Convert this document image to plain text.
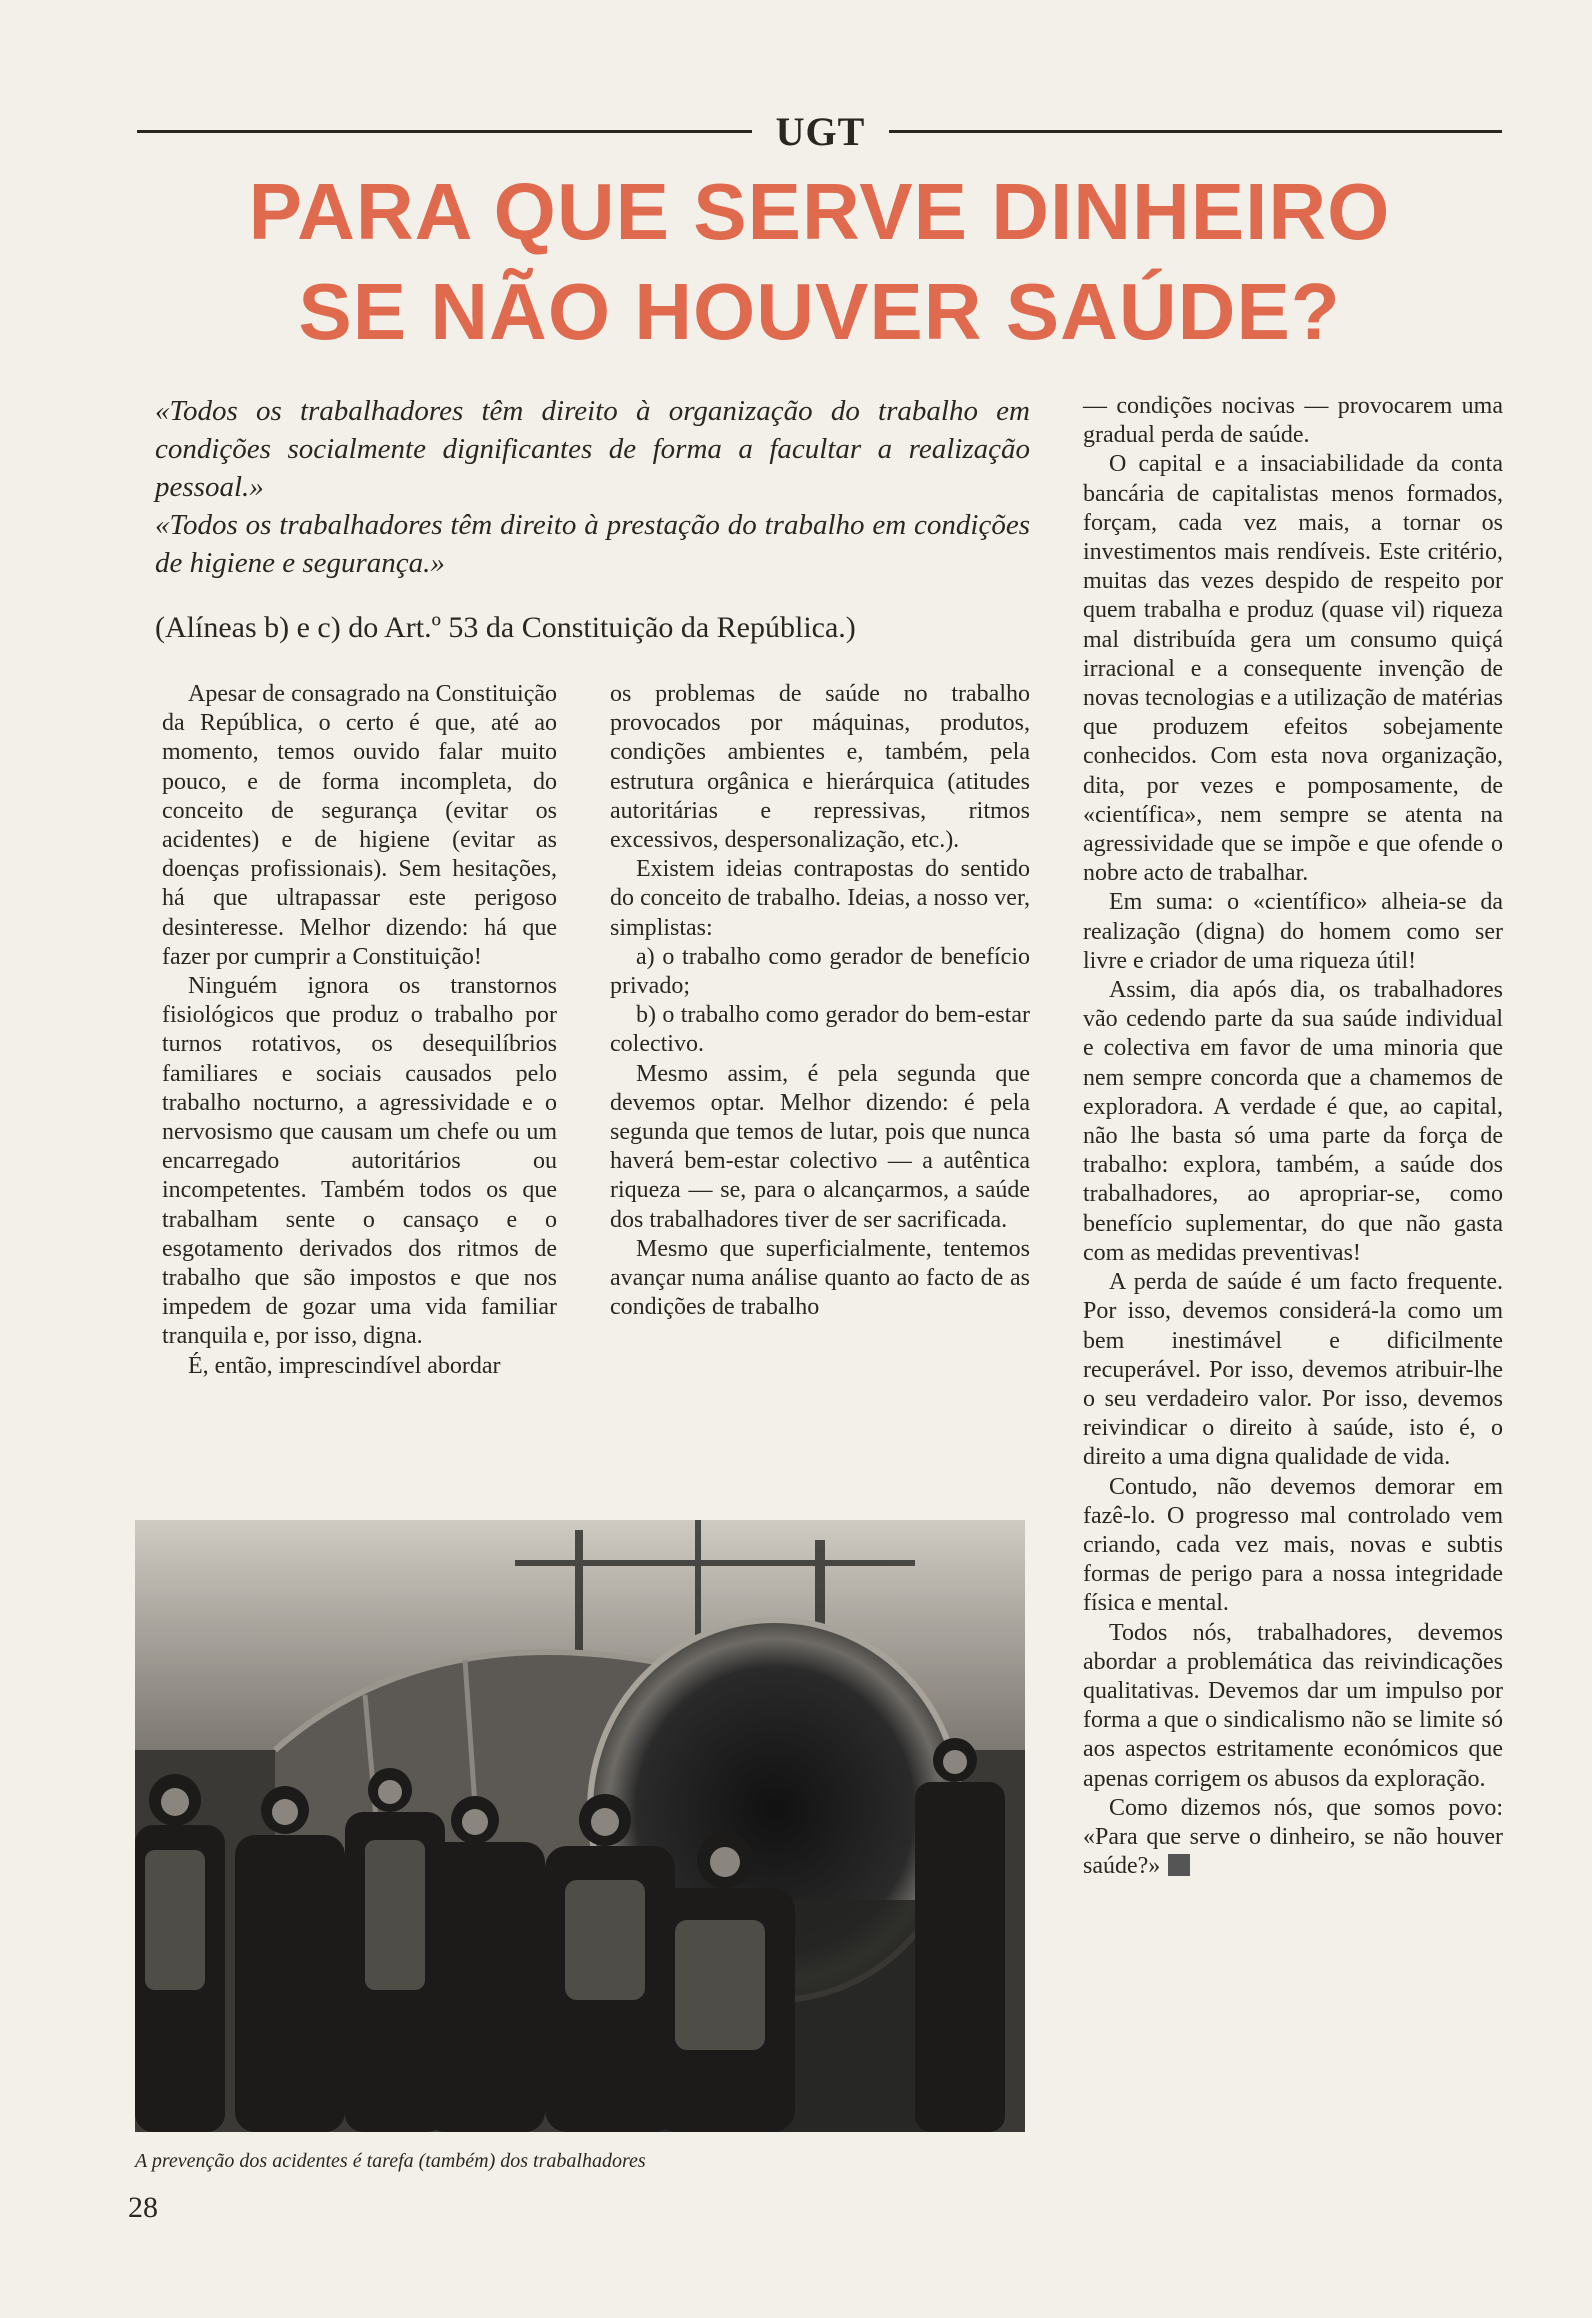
UGT
PARA QUE SERVE DINHEIRO
SE NÃO HOUVER SAÚDE?

«Todos os trabalhadores têm direito à organização do trabalho em condições socialmente dignificantes de forma a facultar a realização pessoal.»

«Todos os trabalhadores têm direito à prestação do trabalho em condições de higiene e segurança.»

(Alíneas b) e c) do Art.º 53 da Constituição da República.)

Apesar de consagrado na Constituição da República, o certo é que, até ao momento, temos ouvido falar muito pouco, e de forma incompleta, do conceito de segurança (evitar os acidentes) e de higiene (evitar as doenças profissionais). Sem hesitações, há que ultrapassar este perigoso desinteresse. Melhor dizendo: há que fazer por cumprir a Constituição!

Ninguém ignora os transtornos fisiológicos que produz o trabalho por turnos rotativos, os desequilíbrios familiares e sociais causados pelo trabalho nocturno, a agressividade e o nervosismo que causam um chefe ou um encarregado autoritários ou incompetentes. Também todos os que trabalham sente o cansaço e o esgotamento derivados dos ritmos de trabalho que são impostos e que nos impedem de gozar uma vida familiar tranquila e, por isso, digna.

É, então, imprescindível abordar

os problemas de saúde no trabalho provocados por máquinas, produtos, condições ambientes e, também, pela estrutura orgânica e hierárquica (atitudes autoritárias e repressivas, ritmos excessivos, despersonalização, etc.).

Existem ideias contrapostas do sentido do conceito de trabalho. Ideias, a nosso ver, simplistas:

a) o trabalho como gerador de benefício privado;

b) o trabalho como gerador do bem-estar colectivo.

Mesmo assim, é pela segunda que devemos optar. Melhor dizendo: é pela segunda que temos de lutar, pois que nunca haverá bem-estar colectivo — a autêntica riqueza — se, para o alcançarmos, a saúde dos trabalhadores tiver de ser sacrificada.

Mesmo que superficialmente, tentemos avançar numa análise quanto ao facto de as condições de trabalho

— condições nocivas — provocarem uma gradual perda de saúde.

O capital e a insaciabilidade da conta bancária de capitalistas menos formados, forçam, cada vez mais, a tornar os investimentos mais rendíveis. Este critério, muitas das vezes despido de respeito por quem trabalha e produz (quase vil) riqueza mal distribuída gera um consumo quiçá irracional e a consequente invenção de novas tecnologias e a utilização de matérias que produzem efeitos sobejamente conhecidos. Com esta nova organização, dita, por vezes e pomposamente, de «científica», nem sempre se atenta na agressividade que se impõe e que ofende o nobre acto de trabalhar.

Em suma: o «científico» alheia-se da realização (digna) do homem como ser livre e criador de uma riqueza útil!

Assim, dia após dia, os trabalhadores vão cedendo parte da sua saúde individual e colectiva em favor de uma minoria que nem sempre concorda que a chamemos de exploradora. A verdade é que, ao capital, não lhe basta só uma parte da força de trabalho: explora, também, a saúde dos trabalhadores, ao apropriar-se, como benefício suplementar, do que não gasta com as medidas preventivas!

A perda de saúde é um facto frequente. Por isso, devemos considerá-la como um bem inestimável e dificilmente recuperável. Por isso, devemos atribuir-lhe o seu verdadeiro valor. Por isso, devemos reivindicar o direito à saúde, isto é, o direito a uma digna qualidade de vida.

Contudo, não devemos demorar em fazê-lo. O progresso mal controlado vem criando, cada vez mais, novas e subtis formas de perigo para a nossa integridade física e mental.

Todos nós, trabalhadores, devemos abordar a problemática das reivindicações qualitativas. Devemos dar um impulso por forma a que o sindicalismo não se limite só aos aspectos estritamente económicos que apenas corrigem os abusos da exploração.

Como dizemos nós, que somos povo: «Para que serve o dinheiro, se não houver saúde?»

A prevenção dos acidentes é tarefa (também) dos trabalhadores
28
